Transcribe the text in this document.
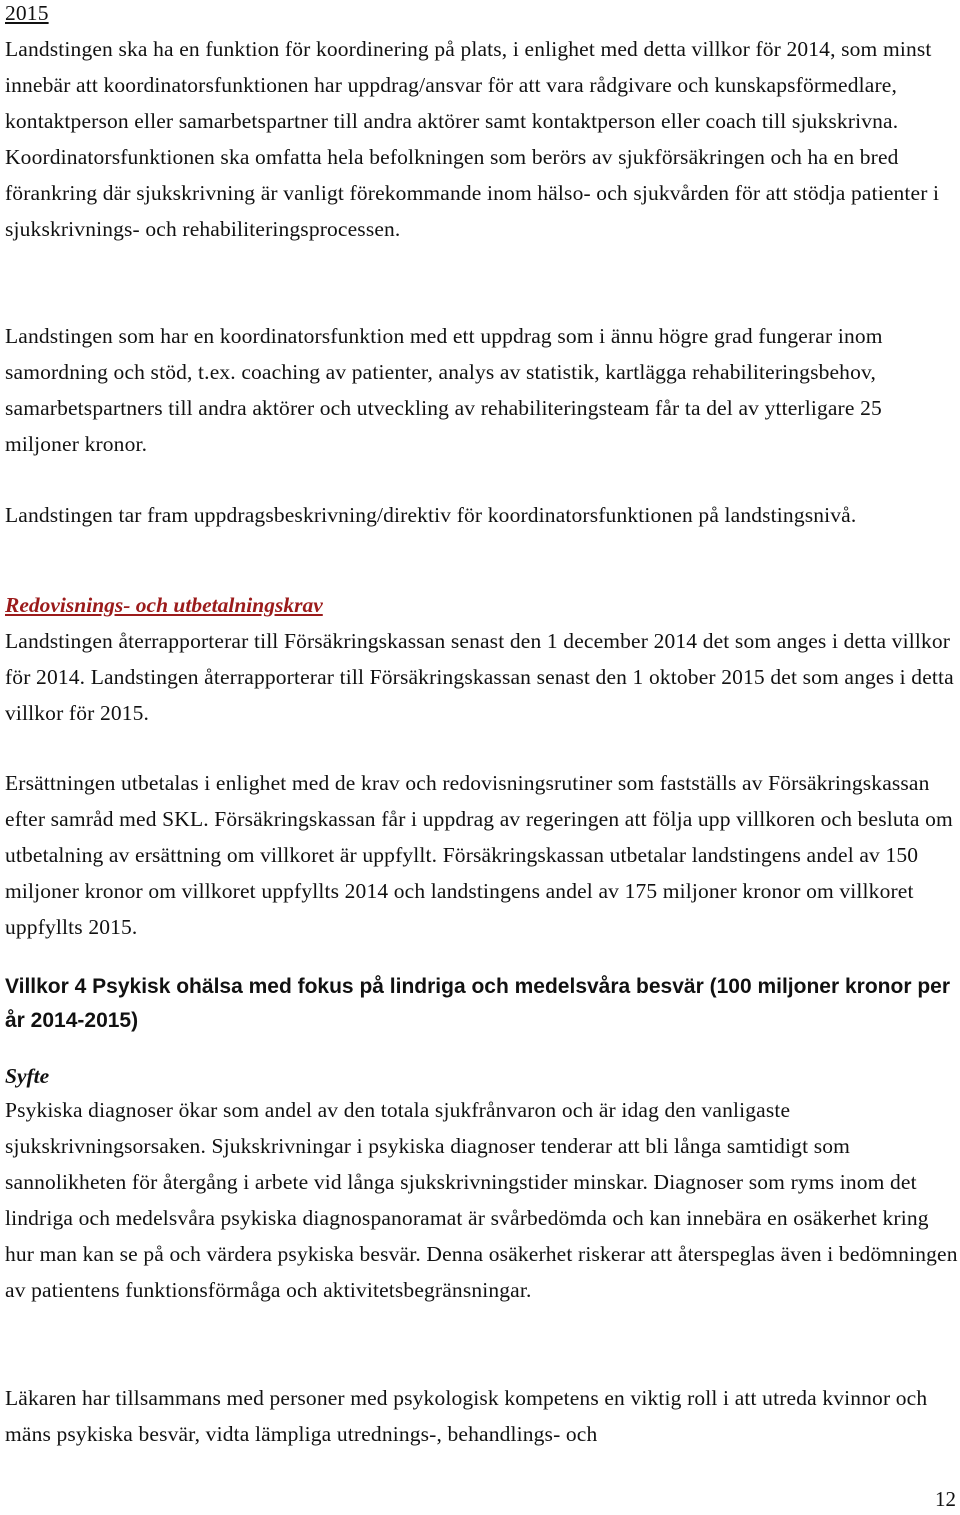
2015

Landstingen ska ha en funktion för koordinering på plats, i enlighet med detta villkor för 2014, som minst innebär att koordinatorsfunktionen har uppdrag/ansvar för att vara rådgivare och kunskapsförmedlare, kontaktperson eller samarbetspartner till andra aktörer samt kontaktperson eller coach till sjukskrivna. Koordinatorsfunktionen ska omfatta hela befolkningen som berörs av sjukförsäkringen och ha en bred förankring där sjukskrivning är vanligt förekommande inom hälso- och sjukvården för att stödja patienter i sjukskrivnings- och rehabiliteringsprocessen.

Landstingen som har en koordinatorsfunktion med ett uppdrag som i ännu högre grad fungerar inom samordning och stöd, t.ex. coaching av patienter, analys av statistik, kartlägga rehabiliteringsbehov, samarbetspartners till andra aktörer och utveckling av rehabiliteringsteam får ta del av ytterligare 25 miljoner kronor.

Landstingen tar fram uppdragsbeskrivning/direktiv för koordinatorsfunktionen på landstingsnivå.

Redovisnings- och utbetalningskrav

Landstingen återrapporterar till Försäkringskassan senast den 1 december 2014 det som anges i detta villkor för 2014. Landstingen återrapporterar till Försäkringskassan senast den 1 oktober 2015 det som anges i detta villkor för 2015.

Ersättningen utbetalas i enlighet med de krav och redovisningsrutiner som fastställs av Försäkringskassan efter samråd med SKL. Försäkringskassan får i uppdrag av regeringen att följa upp villkoren och besluta om utbetalning av ersättning om villkoret är uppfyllt. Försäkringskassan utbetalar landstingens andel av 150 miljoner kronor om villkoret uppfyllts 2014 och landstingens andel av 175 miljoner kronor om villkoret uppfyllts 2015.

Villkor 4 Psykisk ohälsa med fokus på lindriga och medelsvåra besvär (100 miljoner kronor per år 2014-2015)
Syfte

Psykiska diagnoser ökar som andel av den totala sjukfrånvaron och är idag den vanligaste sjukskrivningsorsaken. Sjukskrivningar i psykiska diagnoser tenderar att bli långa samtidigt som sannolikheten för återgång i arbete vid långa sjukskrivningstider minskar. Diagnoser som ryms inom det lindriga och medelsvåra psykiska diagnospanoramat är svårbedömda och kan innebära en osäkerhet kring hur man kan se på och värdera psykiska besvär. Denna osäkerhet riskerar att återspeglas även i bedömningen av patientens funktionsförmåga och aktivitetsbegränsningar.

Läkaren har tillsammans med personer med psykologisk kompetens en viktig roll i att utreda kvinnor och mäns psykiska besvär, vidta lämpliga utrednings-, behandlings- och

12
